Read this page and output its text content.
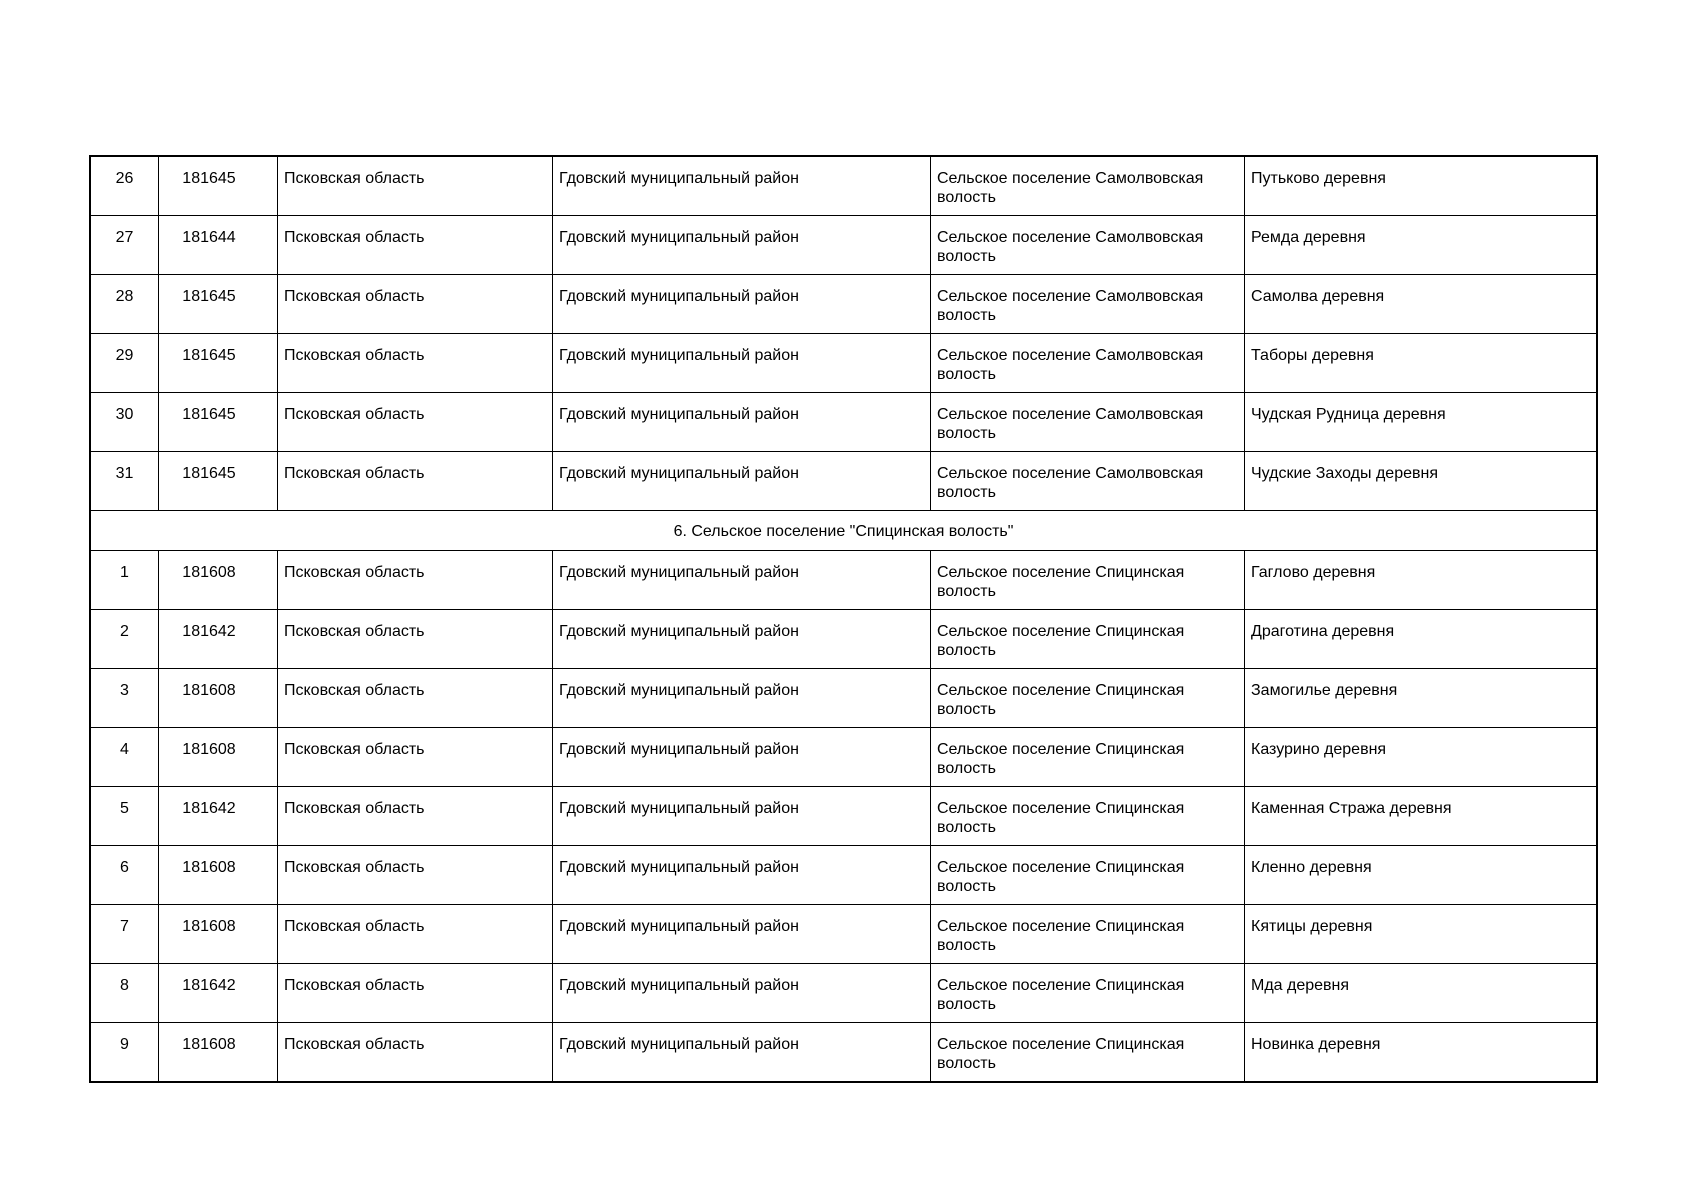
26	181645	Псковская область	Гдовский муниципальный район	Сельское поселение Самолвовская волость	Путьково деревня
27	181644	Псковская область	Гдовский муниципальный район	Сельское поселение Самолвовская волость	Ремда деревня
28	181645	Псковская область	Гдовский муниципальный район	Сельское поселение Самолвовская волость	Самолва деревня
29	181645	Псковская область	Гдовский муниципальный район	Сельское поселение Самолвовская волость	Таборы деревня
30	181645	Псковская область	Гдовский муниципальный район	Сельское поселение Самолвовская волость	Чудская Рудница деревня
31	181645	Псковская область	Гдовский муниципальный район	Сельское поселение Самолвовская волость	Чудские Заходы деревня
6. Сельское поселение "Спицинская волость"					
1	181608	Псковская область	Гдовский муниципальный район	Сельское поселение Спицинская волость	Гаглово деревня
2	181642	Псковская область	Гдовский муниципальный район	Сельское поселение Спицинская волость	Драготина деревня
3	181608	Псковская область	Гдовский муниципальный район	Сельское поселение Спицинская волость	Замогилье деревня
4	181608	Псковская область	Гдовский муниципальный район	Сельское поселение Спицинская волость	Казурино деревня
5	181642	Псковская область	Гдовский муниципальный район	Сельское поселение Спицинская волость	Каменная Стража деревня
6	181608	Псковская область	Гдовский муниципальный район	Сельское поселение Спицинская волость	Кленно деревня
7	181608	Псковская область	Гдовский муниципальный район	Сельское поселение Спицинская волость	Кятицы деревня
8	181642	Псковская область	Гдовский муниципальный район	Сельское поселение Спицинская волость	Мда деревня
9	181608	Псковская область	Гдовский муниципальный район	Сельское поселение Спицинская волость	Новинка деревня
